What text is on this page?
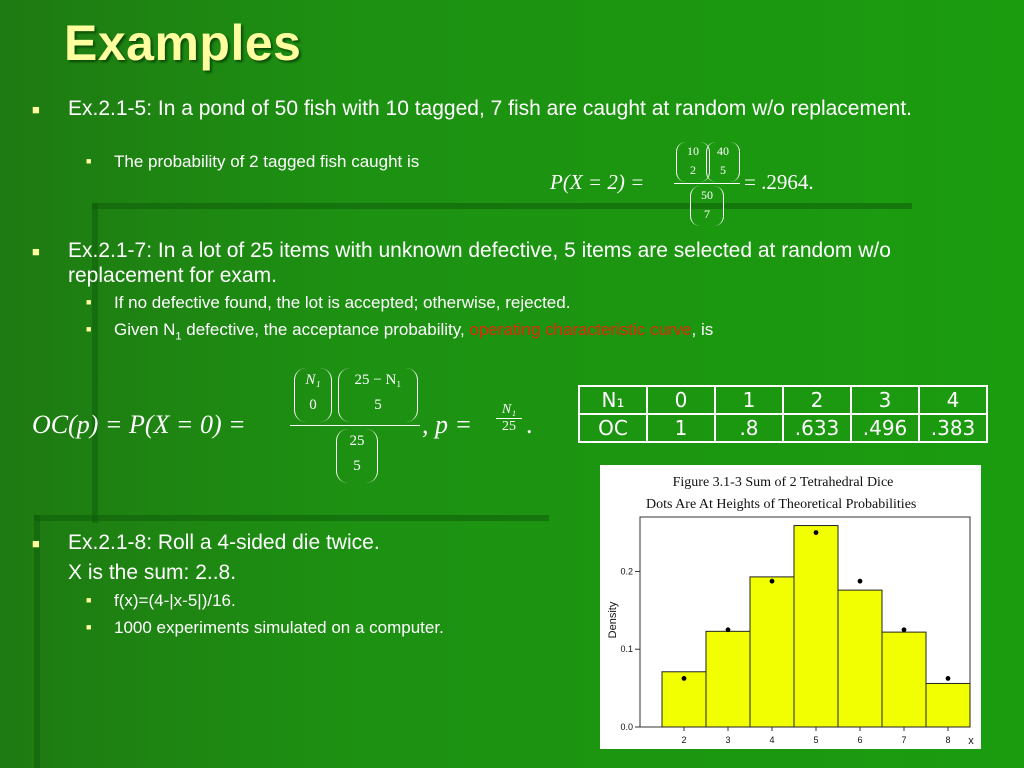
Examples
■ Ex.2.1-5: In a pond of 50 fish with 10 tagged, 7 fish are caught at random w/o replacement.
■ The probability of 2 tagged fish caught is
P(X = 2) =
10
2
40
5
50
7
= .2964.
■ Ex.2.1-7: In a lot of 25 items with unknown defective, 5 items are selected at random w/o replacement for exam.
■ If no defective found, the lot is accepted; otherwise, rejected.
■ Given $N_1$ defective, the acceptance probability, operating characteristic curve, is
OC(p) = P(X = 0) =
N₁
0
25 − N₁
5
25
5
, p =
N₁
25 .
N₁	0	1	2	3	4
OC	1	.8	.633	.496	.383
■ Ex.2.1-8: Roll a 4-sided die twice.
X is the sum: 2..8.
■ f(x)=(4-|x-5|)/16.
■ 1000 experiments simulated on a computer.
Figure 3.1-3 Sum of 2 Tetrahedral Dice
Dots Are At Heights of Theoretical Probabilities
Density
x
0.0
0.1
0.2
2	3	4	5	6	7	8
